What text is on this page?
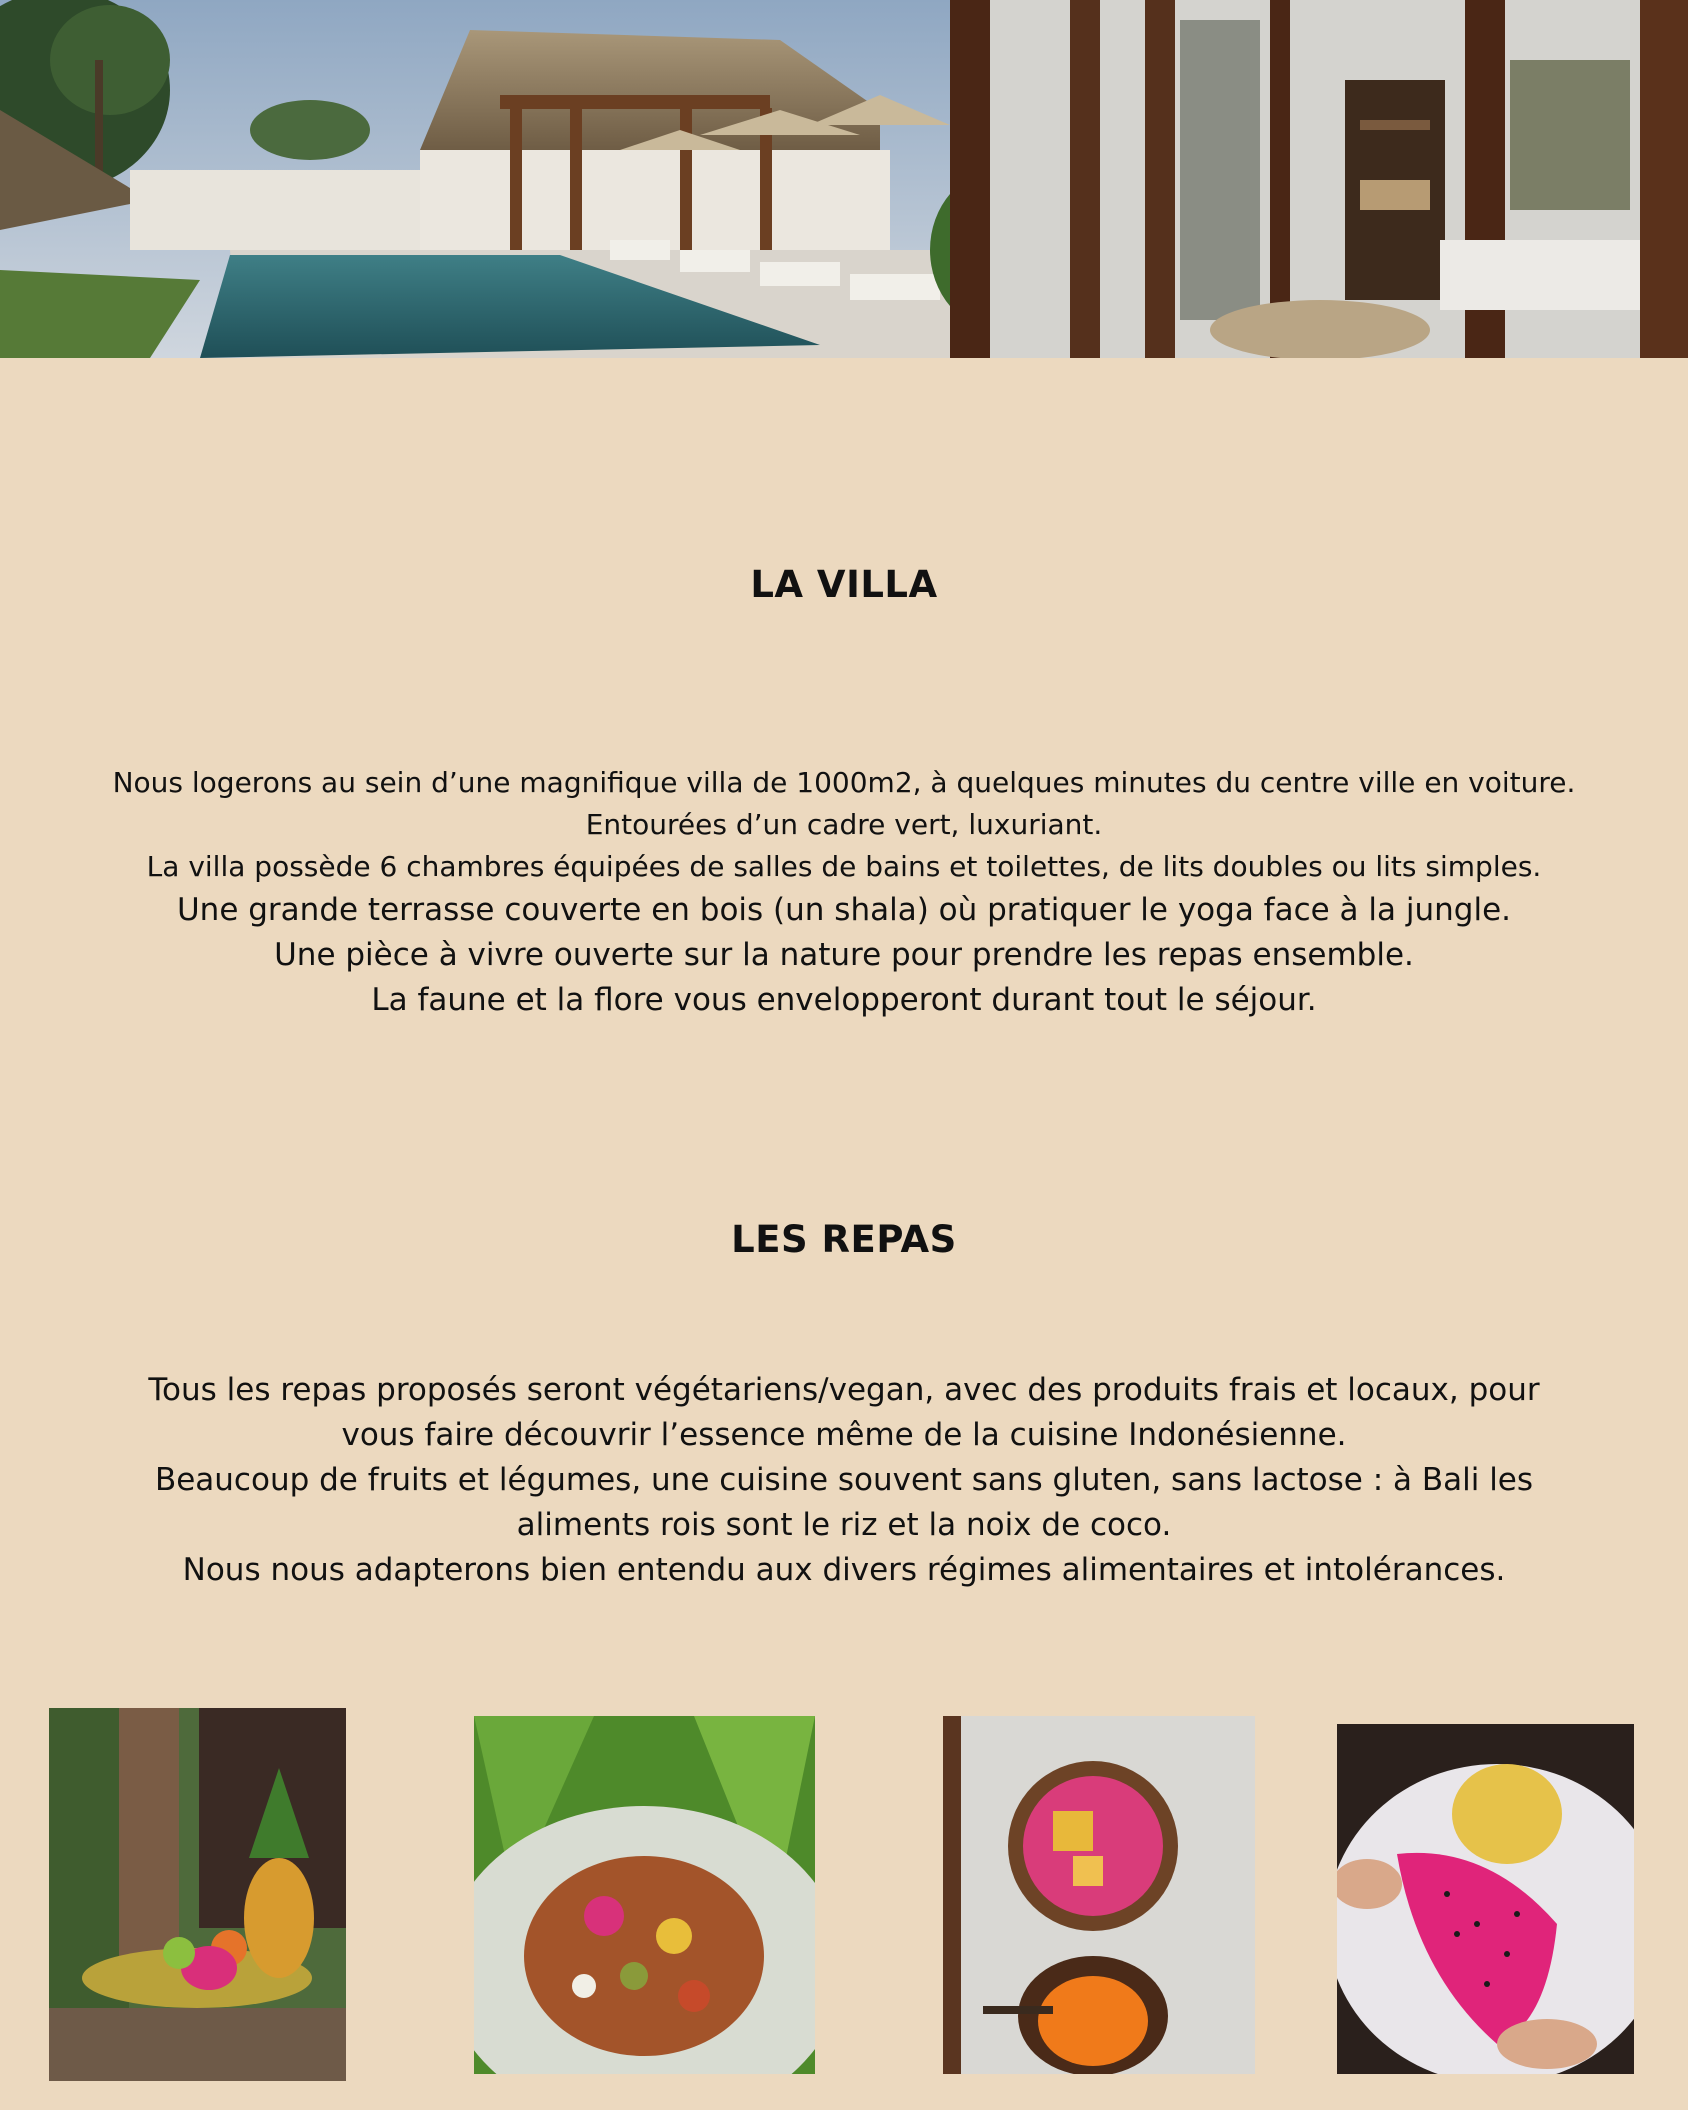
LA VILLA

Nous logerons au sein d’une magnifique villa de 1000m2, à quelques minutes du centre ville en voiture.

Entourées d’un cadre vert, luxuriant.

La villa possède 6 chambres équipées de salles de bains et toilettes, de lits doubles ou lits simples.

Une grande terrasse couverte en bois (un shala) où pratiquer le yoga face à la jungle.

Une pièce à vivre ouverte sur la nature pour prendre les repas ensemble.

La faune et la flore vous envelopperont durant tout le séjour.

LES REPAS

Tous les repas proposés seront végétariens/vegan, avec des produits frais et locaux, pour vous faire découvrir l’essence même de la cuisine Indonésienne.

Beaucoup de fruits et légumes, une cuisine souvent sans gluten, sans lactose : à Bali les aliments rois sont le riz et la noix de coco.

Nous nous adapterons bien entendu aux divers régimes alimentaires et intolérances.
